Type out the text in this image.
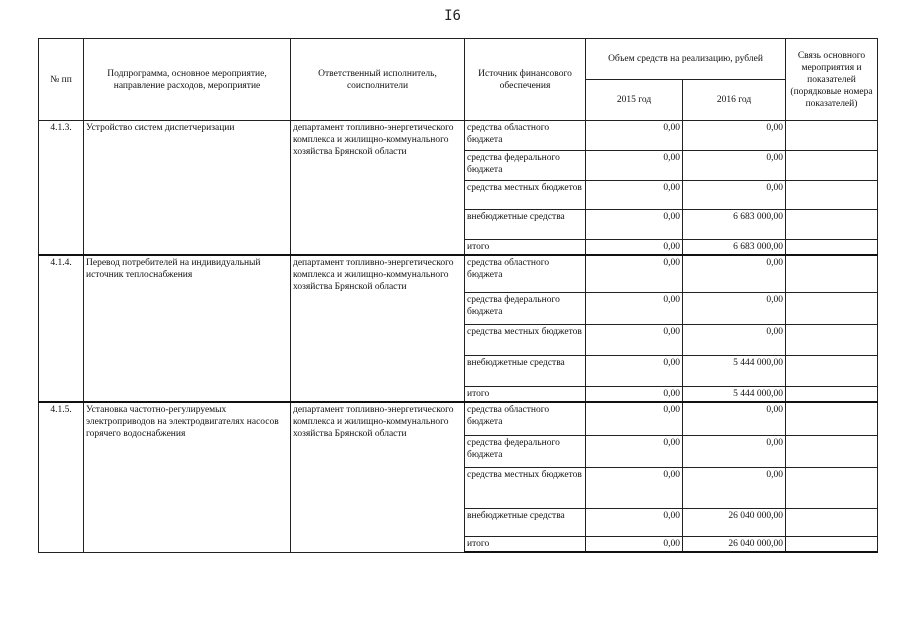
I6
№ пп	Подпрограмма, основное мероприятие, направление расходов, мероприятие	Ответственный исполнитель, соисполнители	Источник финансового обеспечения	Объем средств на реализацию, рублей		Связь основного мероприятия и показателей (порядковые номера показателей)
				2015 год	2016 год	
4.1.3.	Устройство систем диспетчеризации	департамент топливно-энергетического комплекса и жилищно-коммунального хозяйства Брянской области	средства областного бюджета	0,00	0,00	
			средства федерального бюджета	0,00	0,00	
			средства местных бюджетов	0,00	0,00	
			внебюджетные средства	0,00	6 683 000,00	
			итого	0,00	6 683 000,00	
4.1.4.	Перевод потребителей на индивидуальный источник теплоснабжения	департамент топливно-энергетического комплекса и жилищно-коммунального хозяйства Брянской области	средства областного бюджета	0,00	0,00	
			средства федерального бюджета	0,00	0,00	
			средства местных бюджетов	0,00	0,00	
			внебюджетные средства	0,00	5 444 000,00	
			итого	0,00	5 444 000,00	
4.1.5.	Установка частотно-регулируемых электроприводов на электродвигателях насосов горячего водоснабжения	департамент топливно-энергетического комплекса и жилищно-коммунального хозяйства Брянской области	средства областного бюджета	0,00	0,00	
			средства федерального бюджета	0,00	0,00	
			средства местных бюджетов	0,00	0,00	
			внебюджетные средства	0,00	26 040 000,00	
			итого	0,00	26 040 000,00	
